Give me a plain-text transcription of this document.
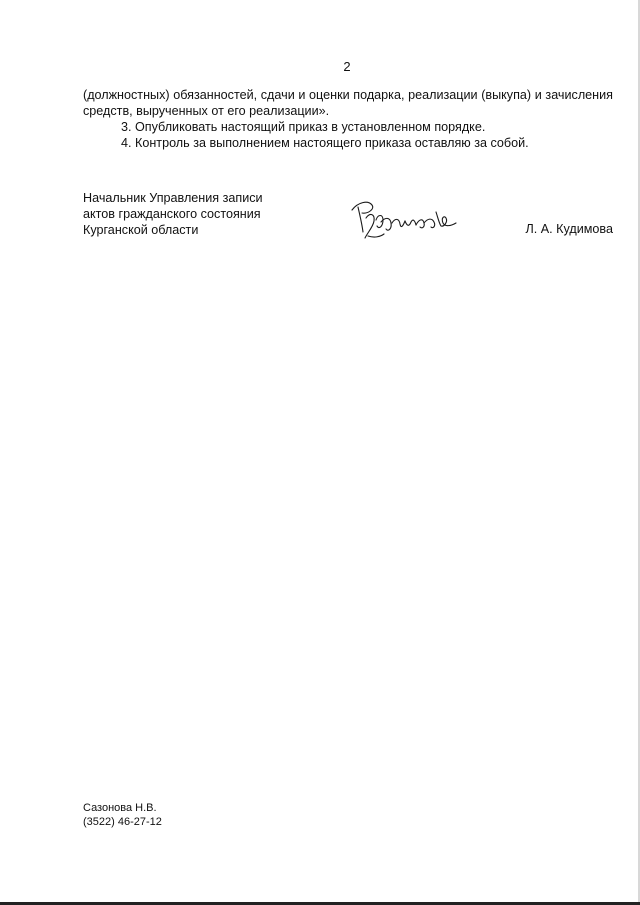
2

(должностных) обязанностей, сдачи и оценки подарка, реализации (выкупа) и зачисления средств, вырученных от его реализации».

3. Опубликовать настоящий приказ в установленном порядке.

4. Контроль за выполнением настоящего приказа оставляю за собой.

Начальник Управления записи
актов гражданского состояния
Курганской области	Л. А. Кудимова
Сазонова Н.В.
(3522) 46-27-12
